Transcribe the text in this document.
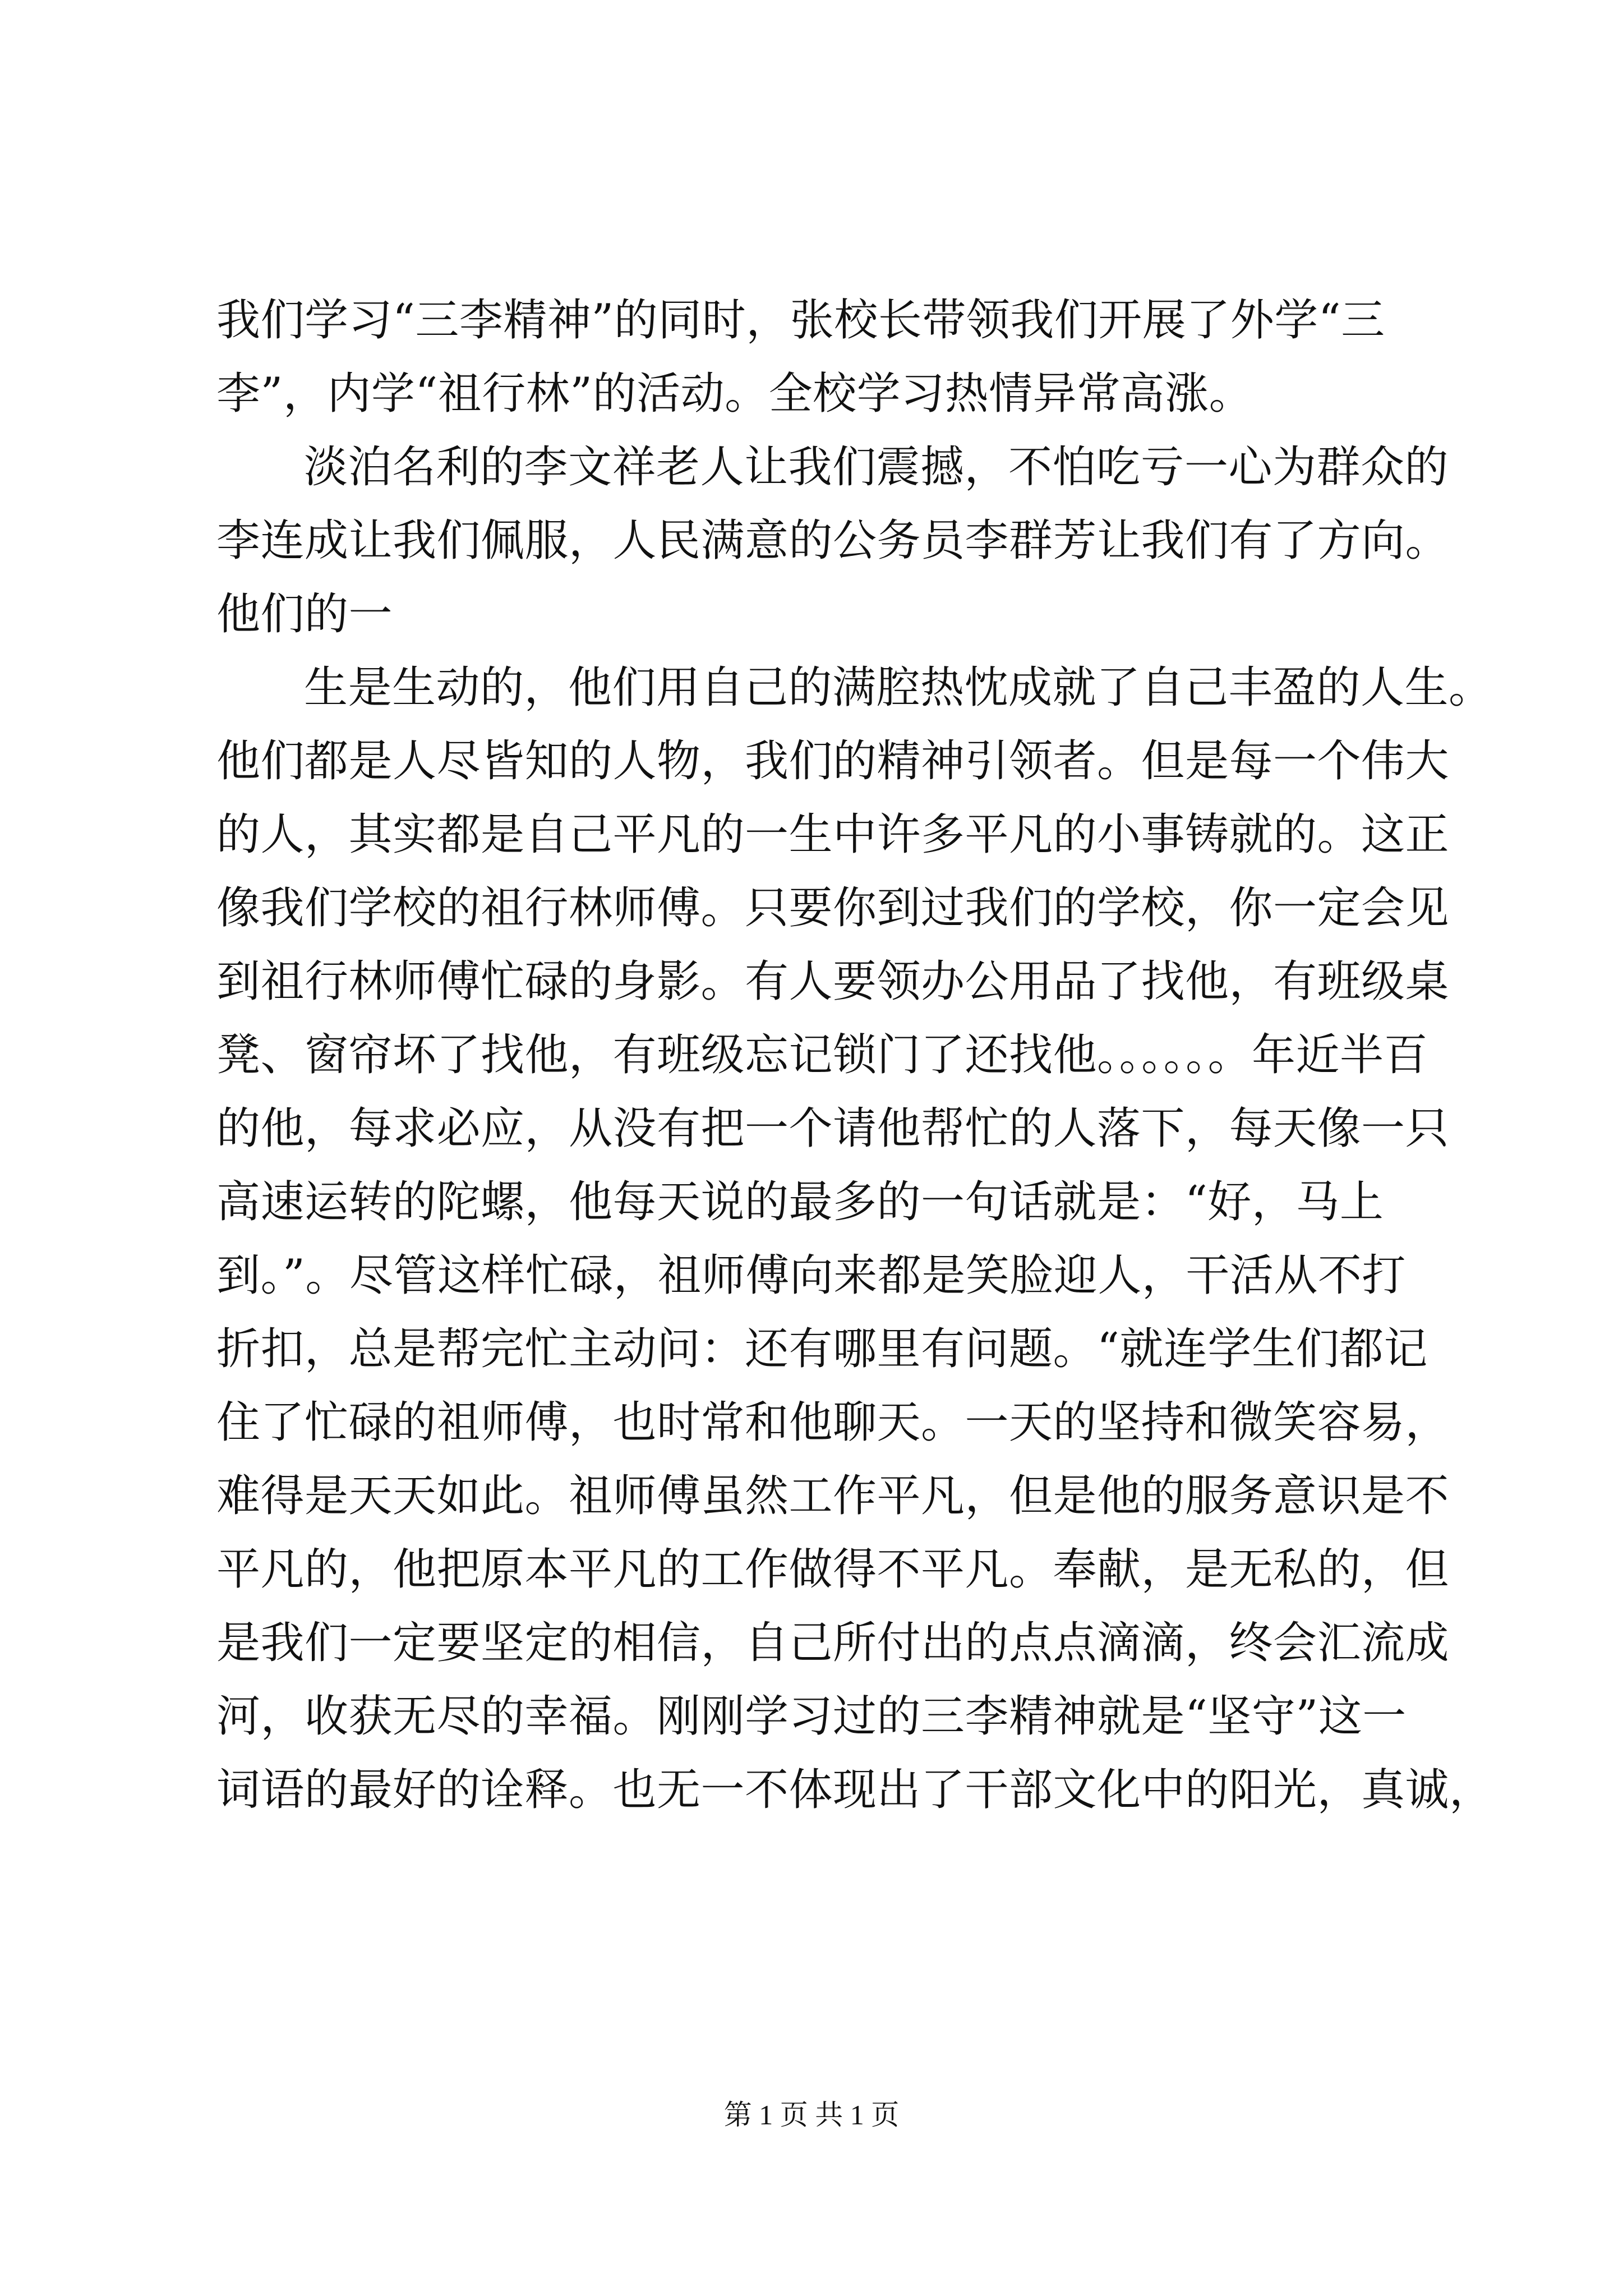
我们学习“三李精神”的同时，张校长带领我们开展了外学“三
李”，内学“祖行林”的活动。全校学习热情异常高涨。
淡泊名利的李文祥老人让我们震撼，不怕吃亏一心为群众的
李连成让我们佩服，人民满意的公务员李群芳让我们有了方向。
他们的一
生是生动的，他们用自己的满腔热忱成就了自己丰盈的人生。
他们都是人尽皆知的人物，我们的精神引领者。但是每一个伟大
的人，其实都是自己平凡的一生中许多平凡的小事铸就的。这正
像我们学校的祖行林师傅。只要你到过我们的学校，你一定会见
到祖行林师傅忙碌的身影。有人要领办公用品了找他，有班级桌
凳、窗帘坏了找他，有班级忘记锁门了还找他。。。。。。年近半百
的他，每求必应，从没有把一个请他帮忙的人落下，每天像一只
高速运转的陀螺，他每天说的最多的一句话就是：“好，马上
到。”。尽管这样忙碌，祖师傅向来都是笑脸迎人，干活从不打
折扣，总是帮完忙主动问：还有哪里有问题。“就连学生们都记
住了忙碌的祖师傅，也时常和他聊天。一天的坚持和微笑容易，
难得是天天如此。祖师傅虽然工作平凡，但是他的服务意识是不
平凡的，他把原本平凡的工作做得不平凡。奉献，是无私的，但
是我们一定要坚定的相信，自己所付出的点点滴滴，终会汇流成
河，收获无尽的幸福。刚刚学习过的三李精神就是“坚守”这一
词语的最好的诠释。也无一不体现出了干部文化中的阳光，真诚，
第 1 页 共 1 页
